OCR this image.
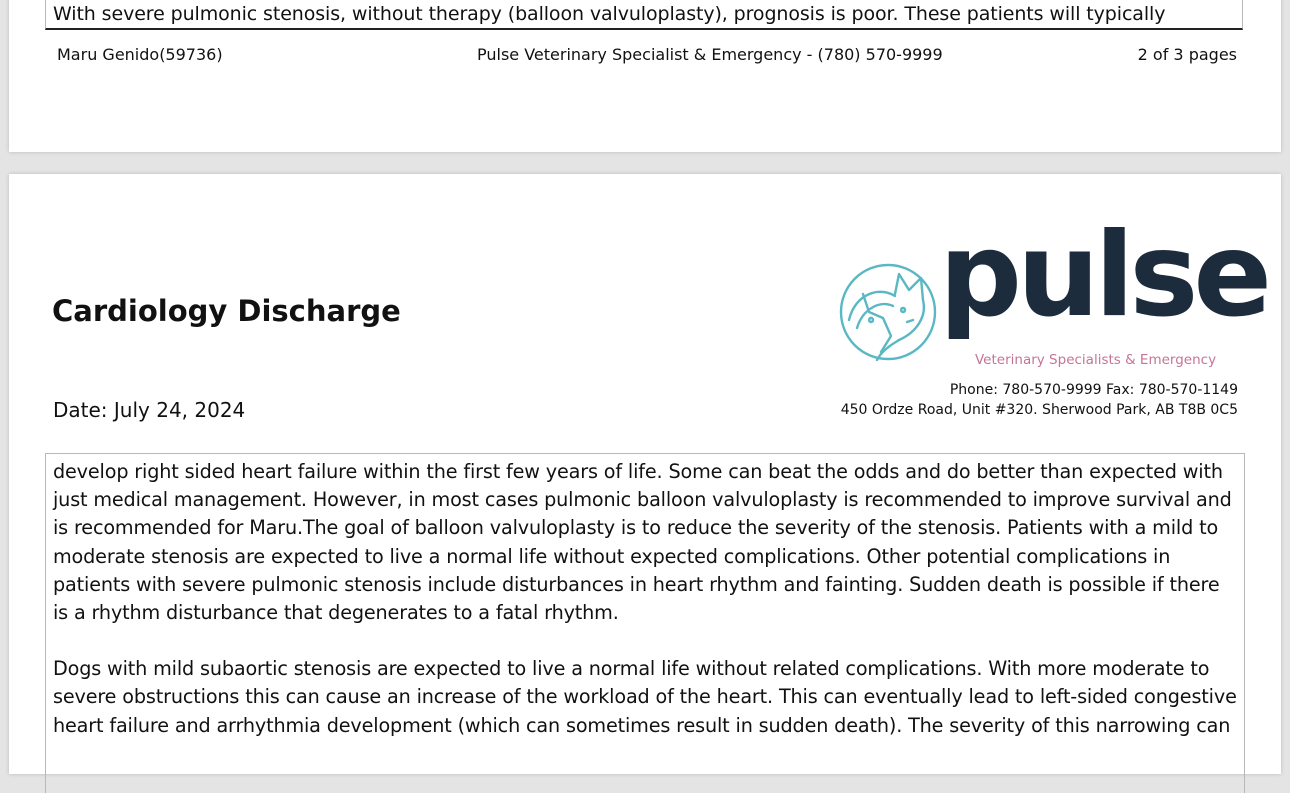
With severe pulmonic stenosis, without therapy (balloon valvuloplasty), prognosis is poor. These patients will typically
Maru Genido(59736)	Pulse Veterinary Specialist & Emergency - (780) 570-9999	2 of 3 pages
Cardiology Discharge
Date: July 24, 2024
pulse
Veterinary Specialists & Emergency
Phone: 780-570-9999 Fax: 780-570-1149
450 Ordze Road, Unit #320. Sherwood Park, AB T8B 0C5

develop right sided heart failure within the first few years of life. Some can beat the odds and do better than expected with just medical management. However, in most cases pulmonic balloon valvuloplasty is recommended to improve survival and is recommended for Maru.The goal of balloon valvuloplasty is to reduce the severity of the stenosis. Patients with a mild to moderate stenosis are expected to live a normal life without expected complications. Other potential complications in patients with severe pulmonic stenosis include disturbances in heart rhythm and fainting. Sudden death is possible if there is a rhythm disturbance that degenerates to a fatal rhythm.

Dogs with mild subaortic stenosis are expected to live a normal life without related complications. With more moderate to severe obstructions this can cause an increase of the workload of the heart. This can eventually lead to left-sided congestive heart failure and arrhythmia development (which can sometimes result in sudden death). The severity of this narrowing can
